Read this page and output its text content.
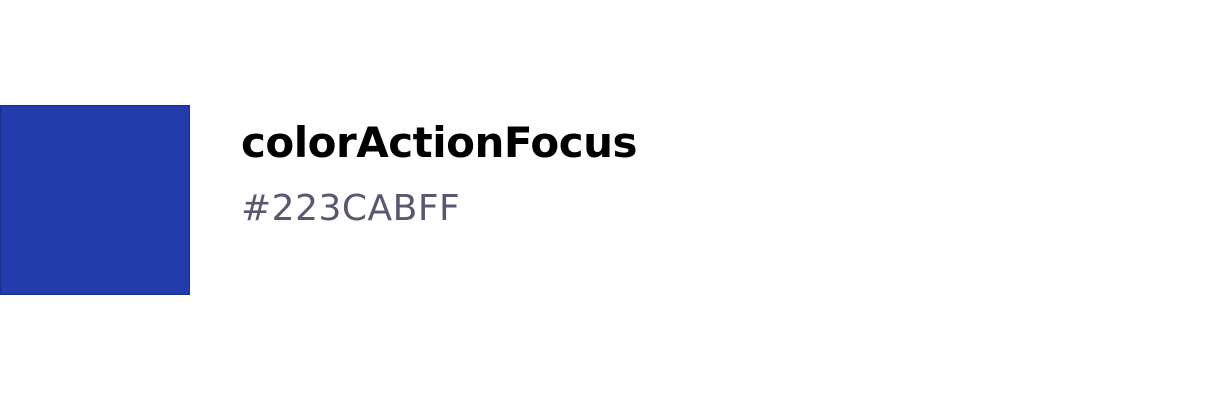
colorActionFocus

#223CABFF
